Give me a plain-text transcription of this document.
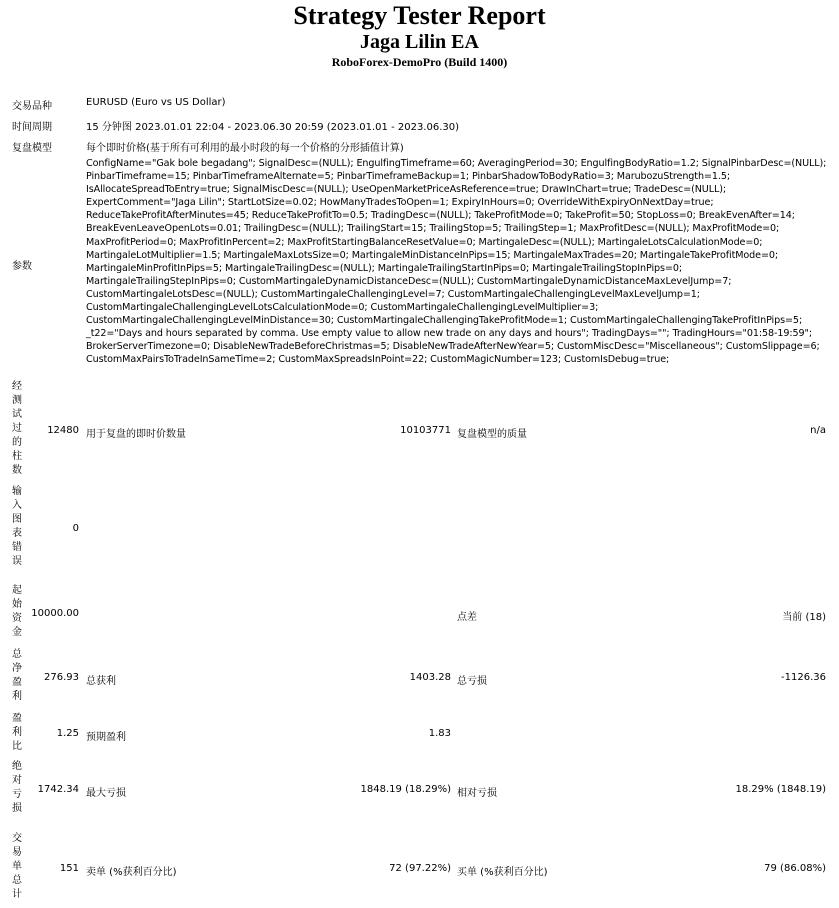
Strategy Tester Report
Jaga Lilin EA
RoboForex-DemoPro (Build 1400)
交易品种	EURUSD (Euro vs US Dollar)
时间周期	15 分钟图 2023.01.01 22:04 - 2023.06.30 20:59 (2023.01.01 - 2023.06.30)
复盘模型	每个即时价格(基于所有可利用的最小时段的每一个价格的分形插值计算)
参数
ConfigName="Gak bole begadang"; SignalDesc=(NULL); EngulfingTimeframe=60; AveragingPeriod=30; EngulfingBodyRatio=1.2; SignalPinbarDesc=(NULL); PinbarTimeframe=15; PinbarTimeframeAlternate=5; PinbarTimeframeBackup=1; PinbarShadowToBodyRatio=3; MarubozuStrength=1.5; IsAllocateSpreadToEntry=true; SignalMiscDesc=(NULL); UseOpenMarketPriceAsReference=true; DrawInChart=true; TradeDesc=(NULL); ExpertComment="Jaga Lilin"; StartLotSize=0.02; HowManyTradesToOpen=1; ExpiryInHours=0; OverrideWithExpiryOnNextDay=true; ReduceTakeProfitAfterMinutes=45; ReduceTakeProfitTo=0.5; TradingDesc=(NULL); TakeProfitMode=0; TakeProfit=50; StopLoss=0; BreakEvenAfter=14; BreakEvenLeaveOpenLots=0.01; TrailingDesc=(NULL); TrailingStart=15; TrailingStop=5; TrailingStep=1; MaxProfitDesc=(NULL); MaxProfitMode=0; MaxProfitPeriod=0; MaxProfitInPercent=2; MaxProfitStartingBalanceResetValue=0; MartingaleDesc=(NULL); MartingaleLotsCalculationMode=0; MartingaleLotMultiplier=1.5; MartingaleMaxLotsSize=0; MartingaleMinDistanceInPips=15; MartingaleMaxTrades=20; MartingaleTakeProfitMode=0; MartingaleMinProfitInPips=5; MartingaleTrailingDesc=(NULL); MartingaleTrailingStartInPips=0; MartingaleTrailingStopInPips=0; MartingaleTrailingStepInPips=0; CustomMartingaleDynamicDistanceDesc=(NULL); CustomMartingaleDynamicDistanceMaxLevelJump=7; CustomMartingaleLotsDesc=(NULL); CustomMartingaleChallengingLevel=7; CustomMartingaleChallengingLevelMaxLevelJump=1; CustomMartingaleChallengingLevelLotsCalculationMode=0; CustomMartingaleChallengingLevelMultiplier=3; CustomMartingaleChallengingLevelMinDistance=30; CustomMartingaleChallengingTakeProfitMode=1; CustomMartingaleChallengingTakeProfitInPips=5; _t22="Days and hours separated by comma. Use empty value to allow new trade on any days and hours"; TradingDays=""; TradingHours="01:58-19:59"; BrokerServerTimezone=0; DisableNewTradeBeforeChristmas=5; DisableNewTradeAfterNewYear=5; CustomMiscDesc="Miscellaneous"; CustomSlippage=6; CustomMaxPairsToTradeInSameTime=2; CustomMaxSpreadsInPoint=22; CustomMagicNumber=123; CustomIsDebug=true;
经测试过的柱数
12480 用于复盘的即时价数量	10103771 复盘模型的质量	n/a
输入图表错误
0
起始资金
10000.00	点差	当前 (18)
总净盈利
276.93 总获利	1403.28 总亏损	-1126.36
盈利比
1.25 预期盈利	1.83
绝对亏损
1742.34 最大亏损	1848.19 (18.29%) 相对亏损	18.29% (1848.19)
交易单总计
151 卖单 (%获利百分比)	72 (97.22%) 买单 (%获利百分比)	79 (86.08%)
